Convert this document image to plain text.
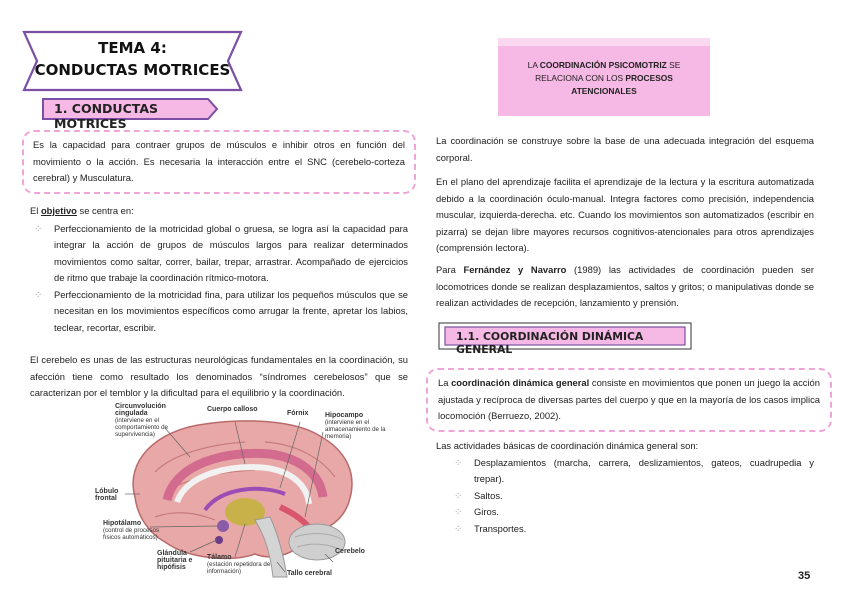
TEMA 4:
CONDUCTAS MOTRICES
1. CONDUCTAS MOTRICES
Es la capacidad para contraer grupos de músculos e inhibir otros en función del movimiento o la acción. Es necesaria la interacción entre el SNC (cerebelo-corteza cerebral) y Musculatura.
El objetivo se centra en:
⁘ Perfeccionamiento de la motricidad global o gruesa, se logra así la capacidad para integrar la acción de grupos de músculos largos para realizar determinados movimientos como saltar, correr, bailar, trepar, arrastrar. Acompañado de ejercicios de ritmo que trabaje la coordinación rítmico-motora.
⁘ Perfeccionamiento de la motricidad fina, para utilizar los pequeños músculos que se necesitan en los movimientos específicos como arrugar la frente, apretar los labios, teclear, recortar, escribir.
El cerebelo es unas de las estructuras neurológicas fundamentales en la coordinación, su afección tiene como resultado los denominados “síndromes cerebelosos” que se caracterizan por el temblor y la dificultad para el equilibrio y la coordinación.
Circunvolución cingulada
(interviene en el comportamiento de supervivencia)
Cuerpo calloso
Fórnix Hipocampo
(interviene en el almacenamiento de la memoria)
Lóbulo frontal
Hipotálamo
(control de procesos físicos automáticos)
Glándula pituitaria e hipófisis
Tálamo
(estación repetidora de información)	Tallo cerebral
Cerebelo
LA COORDINACIÓN PSICOMOTRIZ SE RELACIONA CON LOS PROCESOS ATENCIONALES
La coordinación se construye sobre la base de una adecuada integración del esquema corporal.
En el plano del aprendizaje facilita el aprendizaje de la lectura y la escritura automatizada debido a la coordinación óculo-manual. Integra factores como precisión, independencia muscular, izquierda-derecha. etc. Cuando los movimientos son automatizados (escribir en pizarra) se dejan libre mayores recursos cognitivos-atencionales para otros aprendizajes (comprensión lectora).
Para Fernández y Navarro (1989) las actividades de coordinación pueden ser locomotrices donde se realizan desplazamientos, saltos y gritos; o manipulativas donde se realizan actividades de recepción, lanzamiento y prensión.
1.1. COORDINACIÓN DINÁMICA GENERAL
La coordinación dinámica general consiste en movimientos que ponen un juego la acción ajustada y recíproca de diversas partes del cuerpo y que en la mayoría de los casos implica locomoción (Berruezo, 2002).
Las actividades básicas de coordinación dinámica general son:
⁘ Desplazamientos (marcha, carrera, deslizamientos, gateos, cuadrupedia y trepar).
⁘ Saltos.
⁘ Giros.
⁘ Transportes.
35
